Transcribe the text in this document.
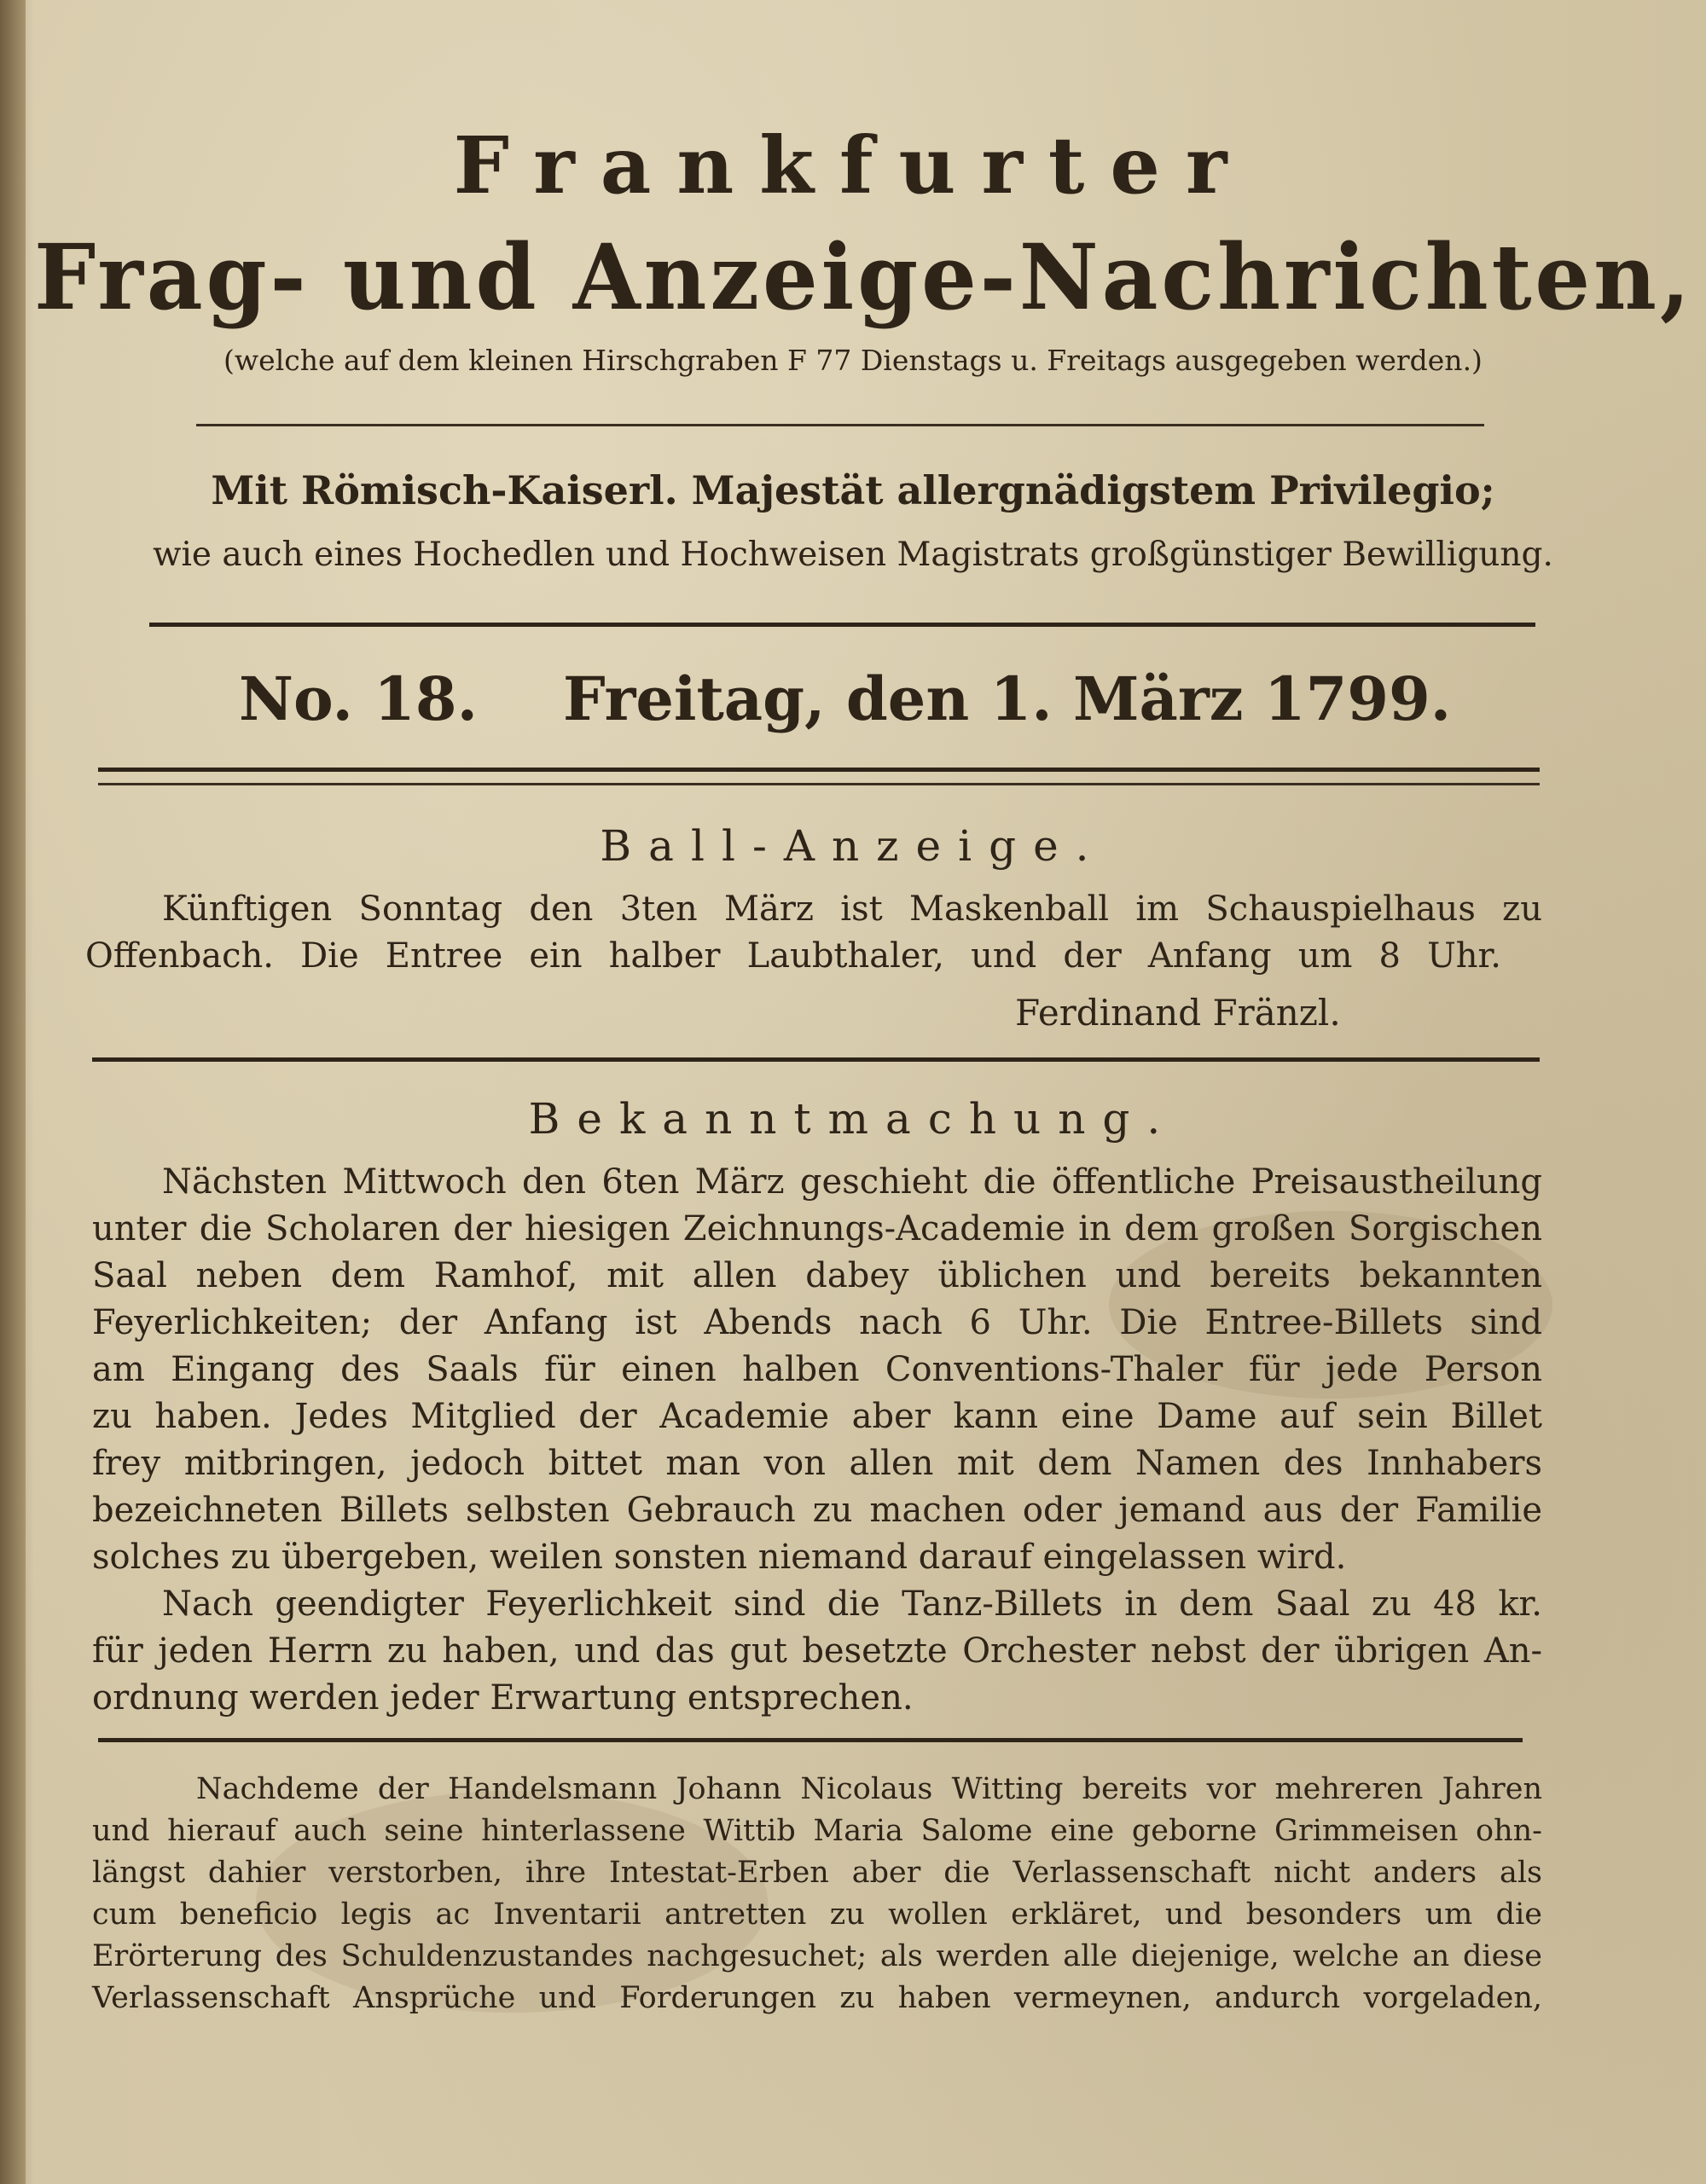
Frankfurter
Frag- und Anzeige-Nachrichten,
(welche auf dem kleinen Hirschgraben F 77 Dienstags u. Freitags ausgegeben werden.)
Mit Römisch-Kaiserl. Majestät allergnädigstem Privilegio;
wie auch eines Hochedlen und Hochweisen Magistrats großgünstiger Bewilligung.
No. 18. Freitag, den 1. März 1799.
Ball-Anzeige.
Künftigen Sonntag den 3ten März ist Maskenball im Schauspielhaus zu
Offenbach. Die Entree ein halber Laubthaler, und der Anfang um 8 Uhr.
Ferdinand Fränzl.
Bekanntmachung.
Nächsten Mittwoch den 6ten März geschieht die öffentliche Preisaustheilung
unter die Scholaren der hiesigen Zeichnungs-Academie in dem großen Sorgischen
Saal neben dem Ramhof, mit allen dabey üblichen und bereits bekannten
Feyerlichkeiten; der Anfang ist Abends nach 6 Uhr. Die Entree-Billets sind
am Eingang des Saals für einen halben Conventions-Thaler für jede Person
zu haben. Jedes Mitglied der Academie aber kann eine Dame auf sein Billet
frey mitbringen, jedoch bittet man von allen mit dem Namen des Innhabers
bezeichneten Billets selbsten Gebrauch zu machen oder jemand aus der Familie
solches zu übergeben, weilen sonsten niemand darauf eingelassen wird.
Nach geendigter Feyerlichkeit sind die Tanz-Billets in dem Saal zu 48 kr.
für jeden Herrn zu haben, und das gut besetzte Orchester nebst der übrigen An-
ordnung werden jeder Erwartung entsprechen.
Nachdeme der Handelsmann Johann Nicolaus Witting bereits vor mehreren Jahren
und hierauf auch seine hinterlassene Wittib Maria Salome eine geborne Grimmeisen ohn-
längst dahier verstorben, ihre Intestat-Erben aber die Verlassenschaft nicht anders als
cum beneficio legis ac Inventarii antretten zu wollen erkläret, und besonders um die
Erörterung des Schuldenzustandes nachgesuchet; als werden alle diejenige, welche an diese
Verlassenschaft Ansprüche und Forderungen zu haben vermeynen, andurch vorgeladen,
